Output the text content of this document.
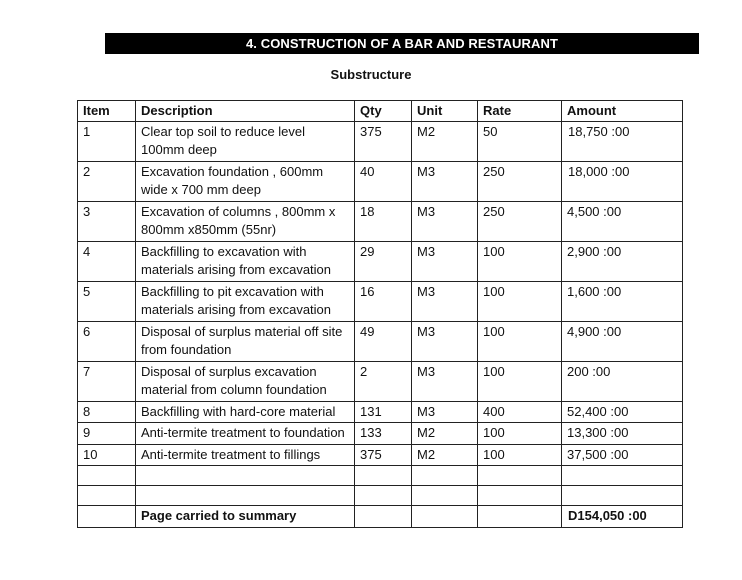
4. CONSTRUCTION OF A BAR AND RESTAURANT
Substructure
Item	Description	Qty	Unit	Rate	Amount
1	Clear top soil to reduce level 100mm deep	375	M2	50	18,750 :00
2	Excavation foundation , 600mm wide x 700 mm deep	40	M3	250	18,000 :00
3	Excavation of columns , 800mm x 800mm x850mm (55nr)	18	M3	250	4,500 :00
4	Backfilling to excavation with materials arising from excavation	29	M3	100	2,900 :00
5	Backfilling to pit excavation with materials arising from excavation	16	M3	100	1,600 :00
6	Disposal of surplus material off site from foundation	49	M3	100	4,900 :00
7	Disposal of surplus excavation material from column foundation	2	M3	100	200 :00
8	Backfilling with hard-core material	131	M3	400	52,400 :00
9	Anti-termite treatment to foundation	133	M2	100	13,300 :00
10	Anti-termite treatment to fillings	375	M2	100	37,500 :00

	Page carried to summary				D154,050 :00
